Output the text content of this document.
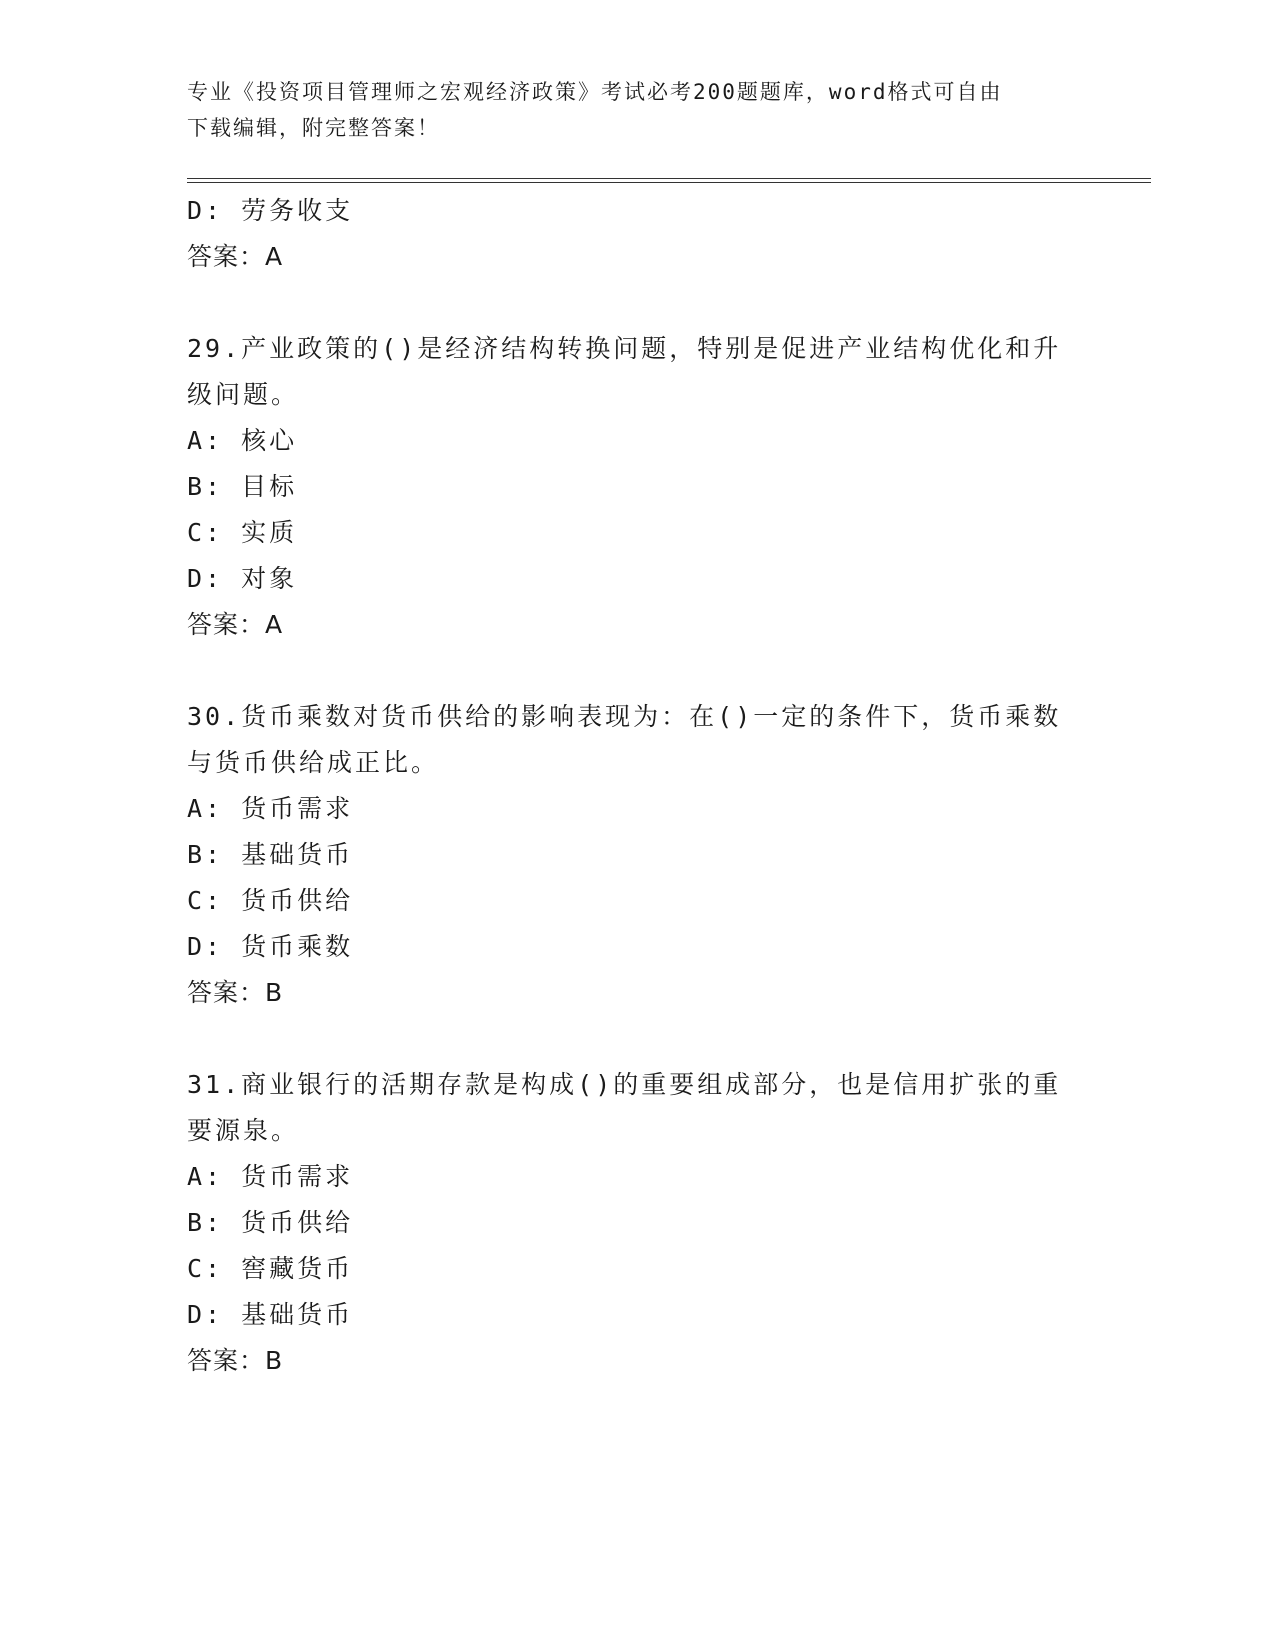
专业《投资项目管理师之宏观经济政策》考试必考200题题库，word格式可自由
下载编辑，附完整答案！
D: 劳务收支
答案：A
29.产业政策的()是经济结构转换问题，特别是促进产业结构优化和升
级问题。
A: 核心
B: 目标
C: 实质
D: 对象
答案：A
30.货币乘数对货币供给的影响表现为：在()一定的条件下，货币乘数
与货币供给成正比。
A: 货币需求
B: 基础货币
C: 货币供给
D: 货币乘数
答案：B
31.商业银行的活期存款是构成()的重要组成部分，也是信用扩张的重
要源泉。
A: 货币需求
B: 货币供给
C: 窖藏货币
D: 基础货币
答案：B
